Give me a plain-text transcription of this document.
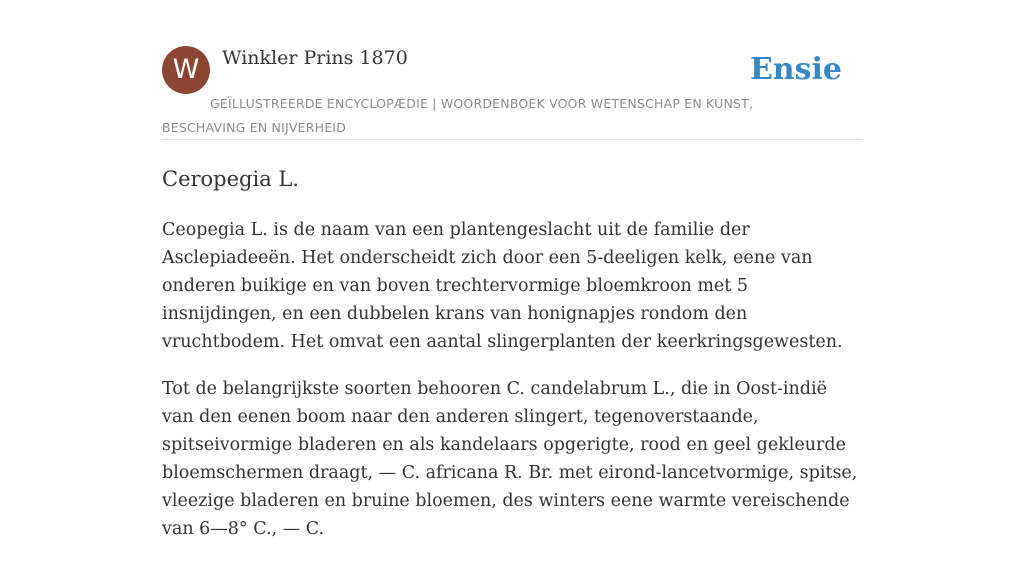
W	Winkler Prins 1870	Ensie
GEÏLLUSTREERDE ENCYCLOPÆDIE | WOORDENBOEK VOOR WETENSCHAP EN KUNST, BESCHAVING EN NIJVERHEID
Ceropegia L.

Ceopegia L. is de naam van een plantengeslacht uit de familie der Asclepiadeeën. Het onderscheidt zich door een 5-deeligen kelk, eene van onderen buikige en van boven trechtervormige bloemkroon met 5 insnijdingen, en een dubbelen krans van honignapjes rondom den vruchtbodem. Het omvat een aantal slingerplanten der keerkringsgewesten.

Tot de belangrijkste soorten behooren C. candelabrum L., die in Oost-indië van den eenen boom naar den anderen slingert, tegenoverstaande, spitseivormige bladeren en als kandelaars opgerigte, rood en geel gekleurde bloemschermen draagt, — C. africana R. Br. met eirond-lancetvormige, spitse, vleezige bladeren en bruine bloemen, des winters eene warmte vereischende van 6—8° C., — C.
